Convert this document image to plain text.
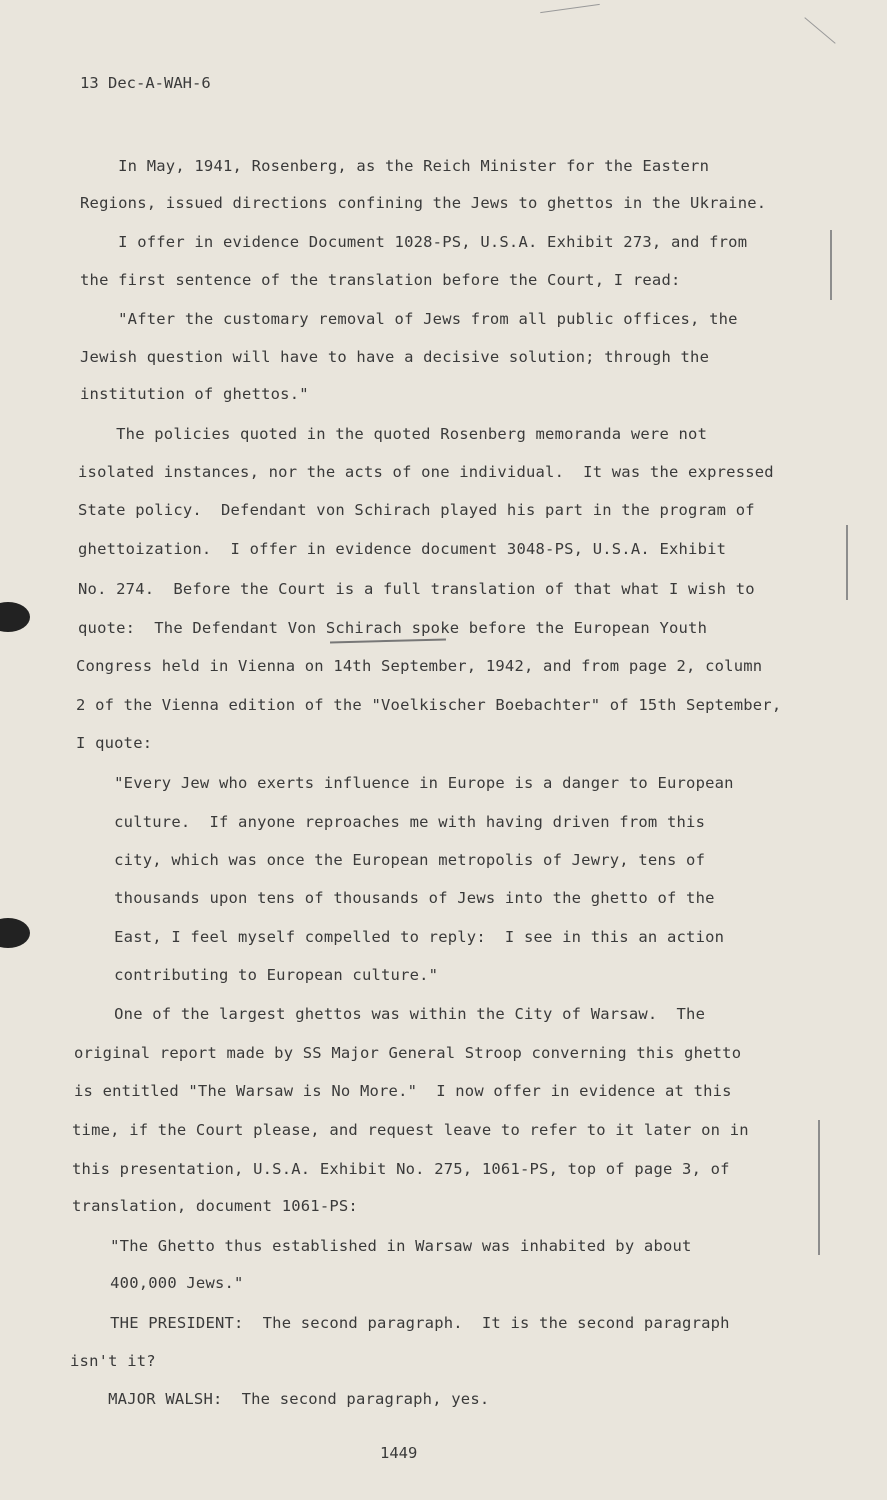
13 Dec-A-WAH-6
In May, 1941, Rosenberg, as the Reich Minister for the Eastern
Regions, issued directions confining the Jews to ghettos in the Ukraine.
I offer in evidence Document 1028-PS, U.S.A. Exhibit 273, and from
the first sentence of the translation before the Court, I read:
"After the customary removal of Jews from all public offices, the
Jewish question will have to have a decisive solution; through the
institution of ghettos."
The policies quoted in the quoted Rosenberg memoranda were not
isolated instances, nor the acts of one individual.  It was the expressed
State policy.  Defendant von Schirach played his part in the program of
ghettoization.  I offer in evidence document 3048-PS, U.S.A. Exhibit
No. 274.  Before the Court is a full translation of that what I wish to
quote:  The Defendant Von Schirach spoke before the European Youth
Congress held in Vienna on 14th September, 1942, and from page 2, column
2 of the Vienna edition of the "Voelkischer Boebachter" of 15th September,
I quote:
"Every Jew who exerts influence in Europe is a danger to European
culture.  If anyone reproaches me with having driven from this
city, which was once the European metropolis of Jewry, tens of
thousands upon tens of thousands of Jews into the ghetto of the
East, I feel myself compelled to reply:  I see in this an action
contributing to European culture."
One of the largest ghettos was within the City of Warsaw.  The
original report made by SS Major General Stroop converning this ghetto
is entitled "The Warsaw is No More."  I now offer in evidence at this
time, if the Court please, and request leave to refer to it later on in
this presentation, U.S.A. Exhibit No. 275, 1061-PS, top of page 3, of
translation, document 1061-PS:
"The Ghetto thus established in Warsaw was inhabited by about
400,000 Jews."
THE PRESIDENT:  The second paragraph.  It is the second paragraph
isn't it?
MAJOR WALSH:  The second paragraph, yes.
1449
